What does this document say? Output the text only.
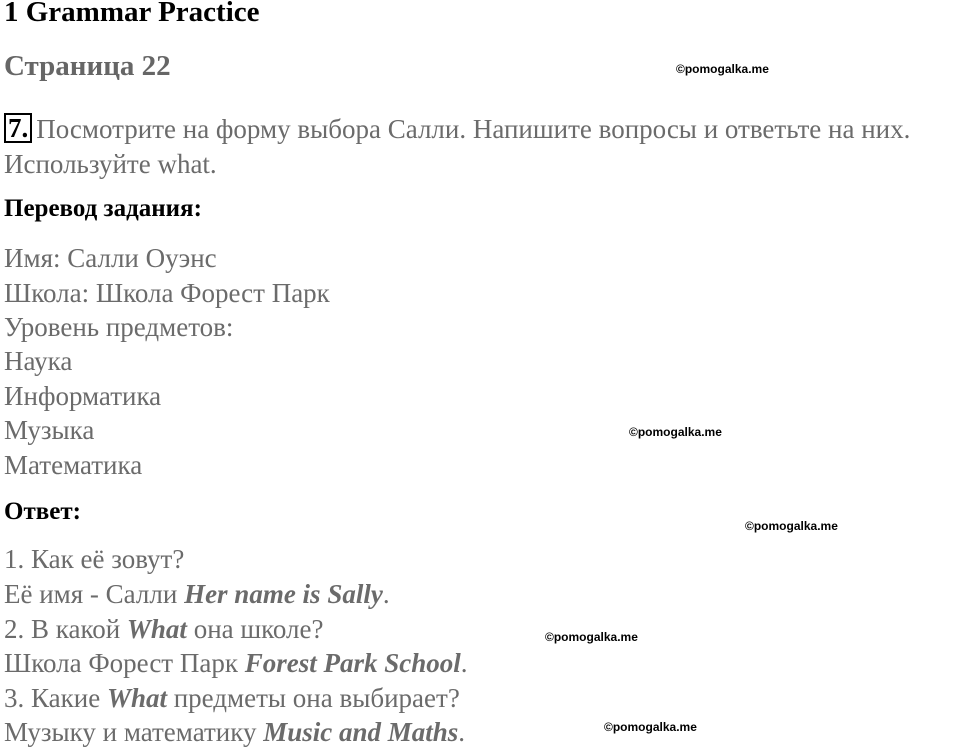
1 Grammar Practice
Страница 22	©pomogalka.me
©pomogalka.me
©pomogalka.me
©pomogalka.me
©pomogalka.me
7. Посмотрите на форму выбора Салли. Напишите вопросы и ответьте на них. Используйте what.
Перевод задания:
Имя: Салли Оуэнс
Школа: Школа Форест Парк
Уровень предметов:
Наука
Информатика
Музыка
Математика
Ответ:
1. Как её зовут?
Её имя - Салли Her name is Sally.
2. В какой What она школе?
Школа Форест Парк Forest Park School.
3. Какие What предметы она выбирает?
Музыку и математику Music and Maths.
